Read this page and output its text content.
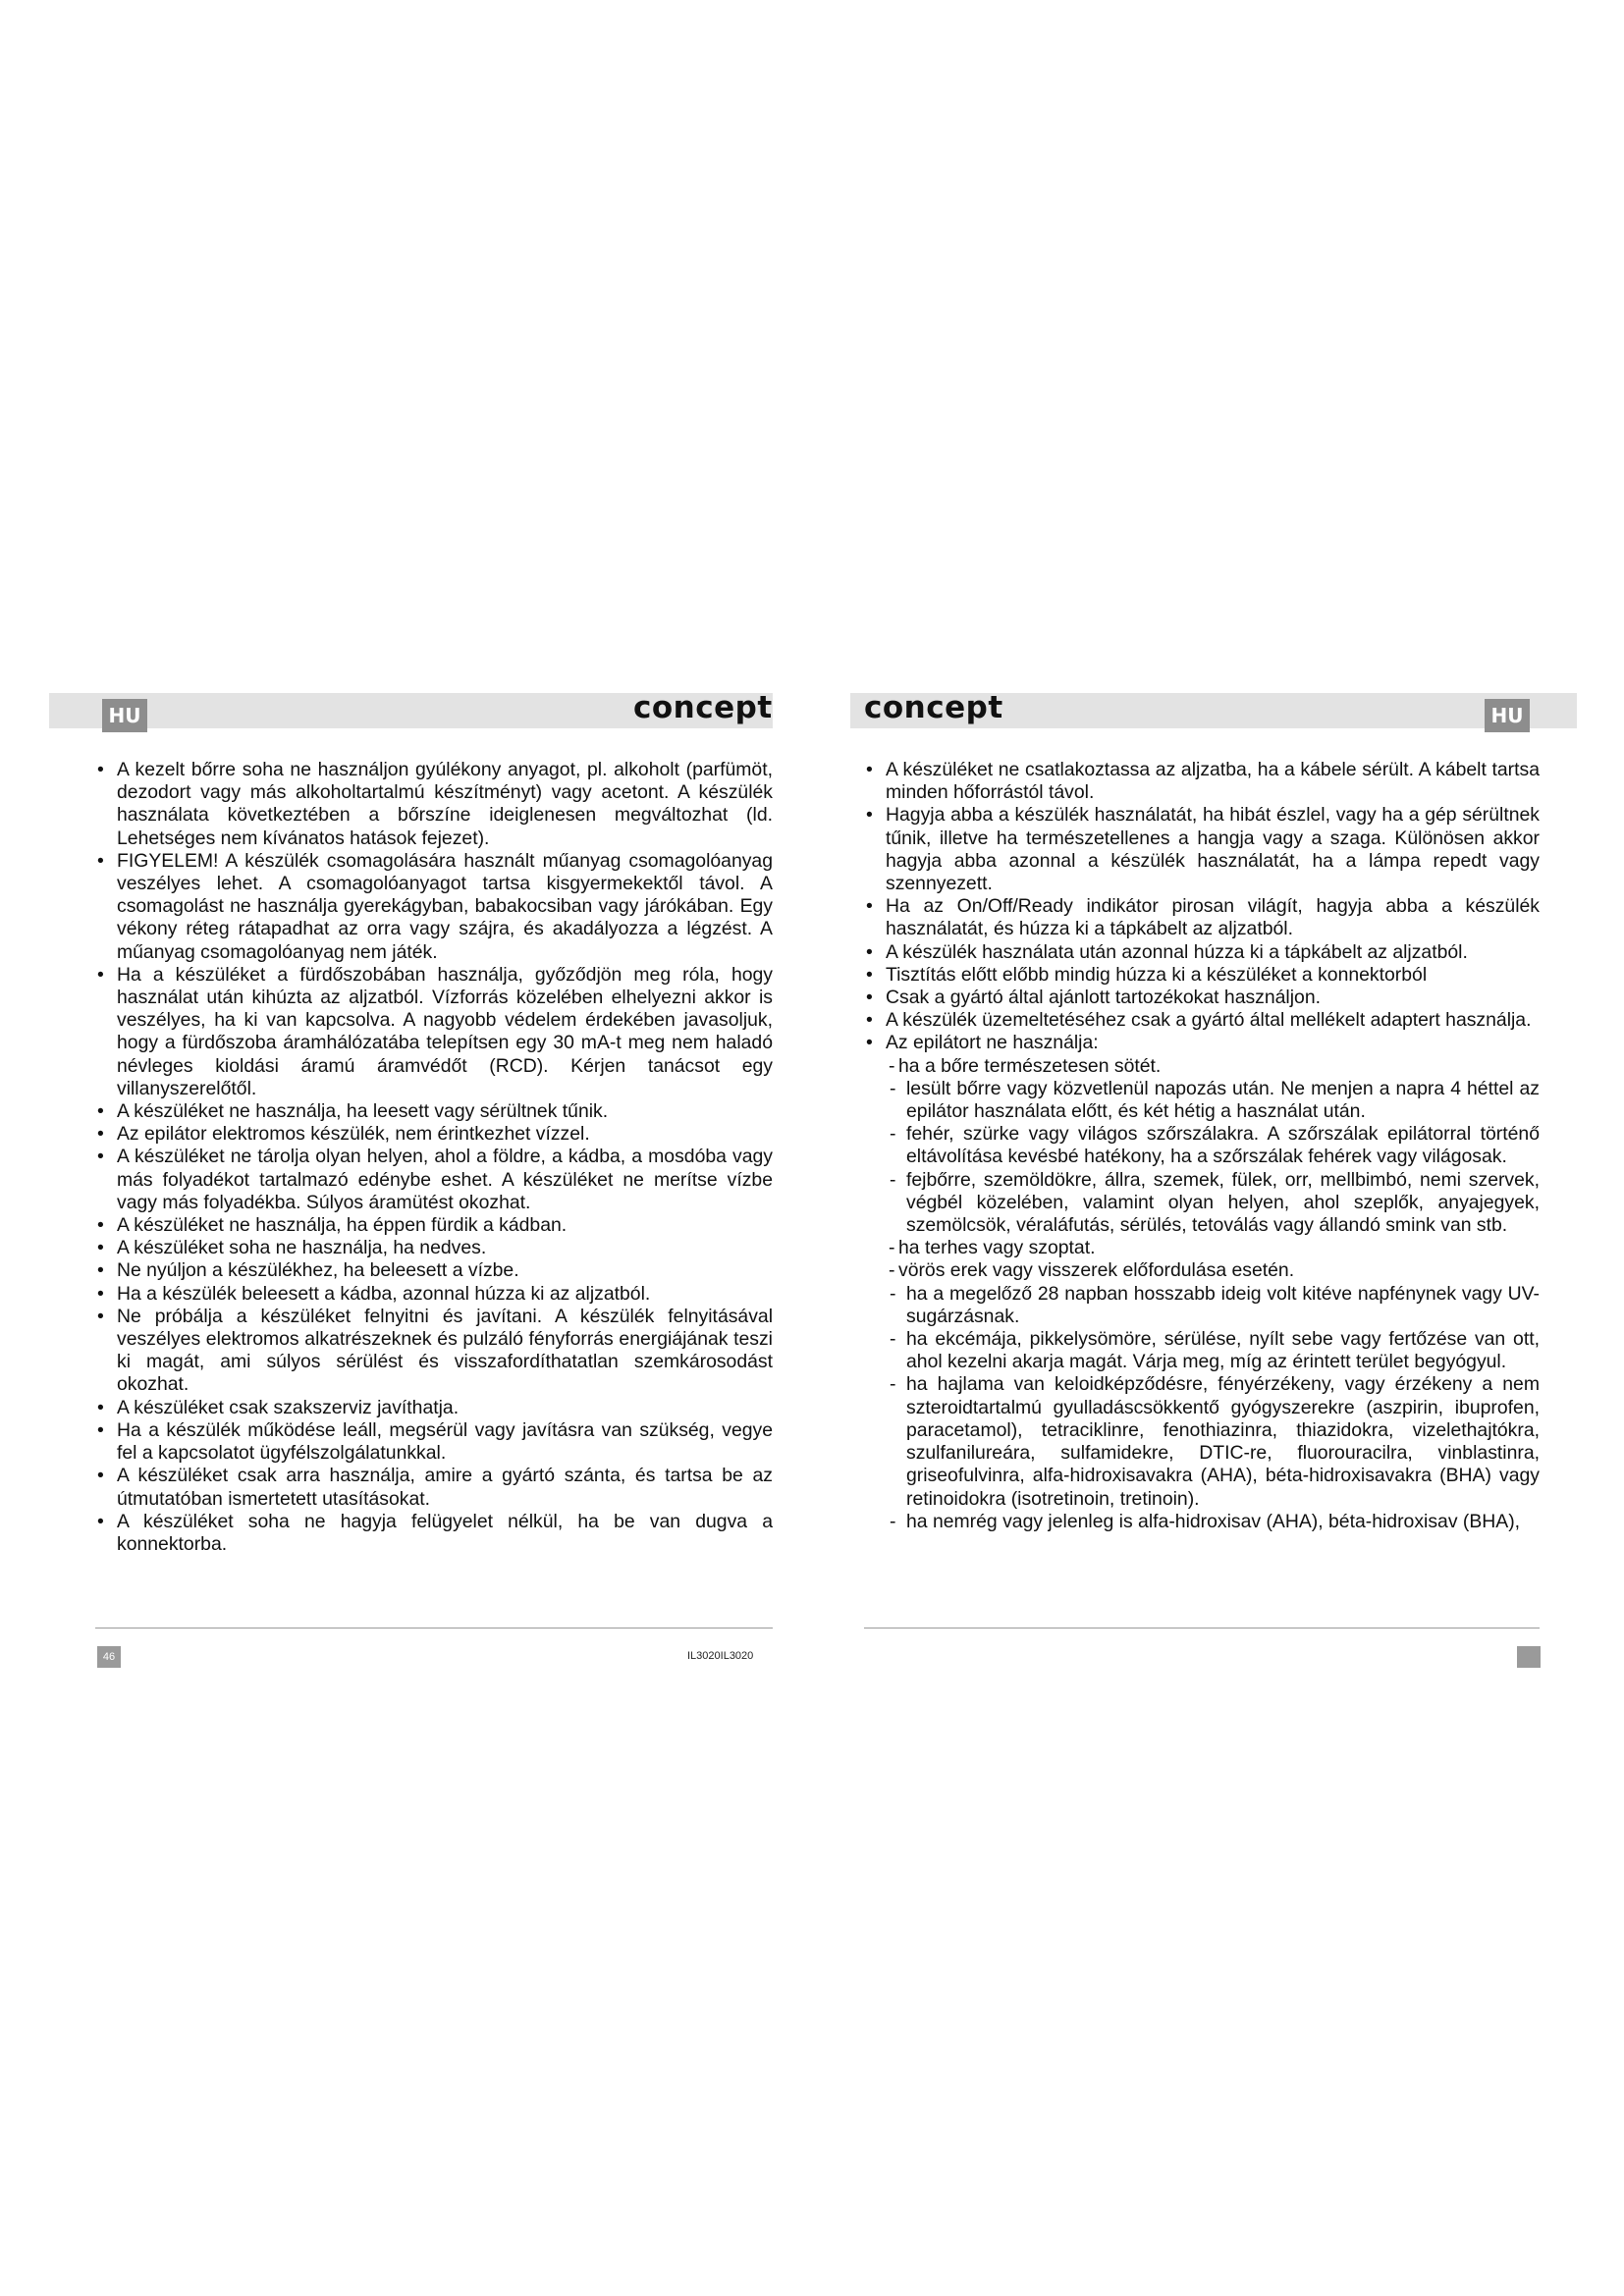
HU	concept	concept	HU
• A kezelt bőrre soha ne használjon gyúlékony anyagot, pl. alkoholt (parfümöt, dezodort vagy más alkoholtartalmú készítményt) vagy acetont. A készülék használata következtében a bőrszíne ideiglenesen megváltozhat (ld. Lehetséges nem kívánatos hatások fejezet).
• FIGYELEM! A készülék csomagolására használt műanyag csomagolóanyag veszélyes lehet. A csomagolóanyagot tartsa kisgyermekektől távol. A csomagolást ne használja gyerekágyban, babakocsiban vagy járókában. Egy vékony réteg rátapadhat az orra vagy szájra, és akadályozza a légzést. A műanyag csomagolóanyag nem játék.
• Ha a készüléket a fürdőszobában használja, győződjön meg róla, hogy használat után kihúzta az aljzatból. Vízforrás közelében elhelyezni akkor is veszélyes, ha ki van kapcsolva. A nagyobb védelem érdekében javasoljuk, hogy a fürdőszoba áramhálózatába telepítsen egy 30 mA-t meg nem haladó névleges kioldási áramú áramvédőt (RCD). Kérjen tanácsot egy villanyszerelőtől.
• A készüléket ne használja, ha leesett vagy sérültnek tűnik.
• Az epilátor elektromos készülék, nem érintkezhet vízzel.
• A készüléket ne tárolja olyan helyen, ahol a földre, a kádba, a mosdóba vagy más folyadékot tartalmazó edénybe eshet. A készüléket ne merítse vízbe vagy más folyadékba. Súlyos áramütést okozhat.
• A készüléket ne használja, ha éppen fürdik a kádban.
• A készüléket soha ne használja, ha nedves.
• Ne nyúljon a készülékhez, ha beleesett a vízbe.
• Ha a készülék beleesett a kádba, azonnal húzza ki az aljzatból.
• Ne próbálja a készüléket felnyitni és javítani. A készülék felnyitásával veszélyes elektromos alkatrészeknek és pulzáló fényforrás energiájának teszi ki magát, ami súlyos sérülést és visszafordíthatatlan szemkárosodást okozhat.
• A készüléket csak szakszerviz javíthatja.
• Ha a készülék működése leáll, megsérül vagy javításra van szükség, vegye fel a kapcsolatot ügyfélszolgálatunkkal.
• A készüléket csak arra használja, amire a gyártó szánta, és tartsa be az útmutatóban ismertetett utasításokat.
• A készüléket soha ne hagyja felügyelet nélkül, ha be van dugva a konnektorba.
• A készüléket ne csatlakoztassa az aljzatba, ha a kábele sérült. A kábelt tartsa minden hőforrástól távol.
• Hagyja abba a készülék használatát, ha hibát észlel, vagy ha a gép sérültnek tűnik, illetve ha természetellenes a hangja vagy a szaga. Különösen akkor hagyja abba azonnal a készülék használatát, ha a lámpa repedt vagy szennyezett.
• Ha az On/Off/Ready indikátor pirosan világít, hagyja abba a készülék használatát, és húzza ki a tápkábelt az aljzatból.
• A készülék használata után azonnal húzza ki a tápkábelt az aljzatból.
• Tisztítás előtt előbb mindig húzza ki a készüléket a konnektorból
• Csak a gyártó által ajánlott tartozékokat használjon.
• A készülék üzemeltetéséhez csak a gyártó által mellékelt adaptert használja.
• Az epilátort ne használja:
- ha a bőre természetesen sötét.
- lesült bőrre vagy közvetlenül napozás után. Ne menjen a napra 4 héttel az epilátor használata előtt, és két hétig a használat után.
- fehér, szürke vagy világos szőrszálakra. A szőrszálak epilátorral történő eltávolítása kevésbé hatékony, ha a szőrszálak fehérek vagy világosak.
- fejbőrre, szemöldökre, állra, szemek, fülek, orr, mellbimbó, nemi szervek, végbél közelében, valamint olyan helyen, ahol szeplők, anyajegyek, szemölcsök, véraláfutás, sérülés, tetoválás vagy állandó smink van stb.
- ha terhes vagy szoptat.
- vörös erek vagy visszerek előfordulása esetén.
- ha a megelőző 28 napban hosszabb ideig volt kitéve napfénynek vagy UV-sugárzásnak.
- ha ekcémája, pikkelysömöre, sérülése, nyílt sebe vagy fertőzése van ott, ahol kezelni akarja magát. Várja meg, míg az érintett terület begyógyul.
- ha hajlama van keloidképződésre, fényérzékeny, vagy érzékeny a nem szteroidtartalmú gyulladáscsökkentő gyógyszerekre (aszpirin, ibuprofen, paracetamol), tetraciklinre, fenothiazinra, thiazidokra, vizelethajtókra, szulfanilureára, sulfamidekre, DTIC-re, fluorouracilra, vinblastinra, griseofulvinra, alfa-hidroxisavakra (AHA), béta-hidroxisavakra (BHA) vagy retinoidokra (isotretinoin, tretinoin).
- ha nemrég vagy jelenleg is alfa-hidroxisav (AHA), béta-hidroxisav (BHA),
46	IL3020IL3020
